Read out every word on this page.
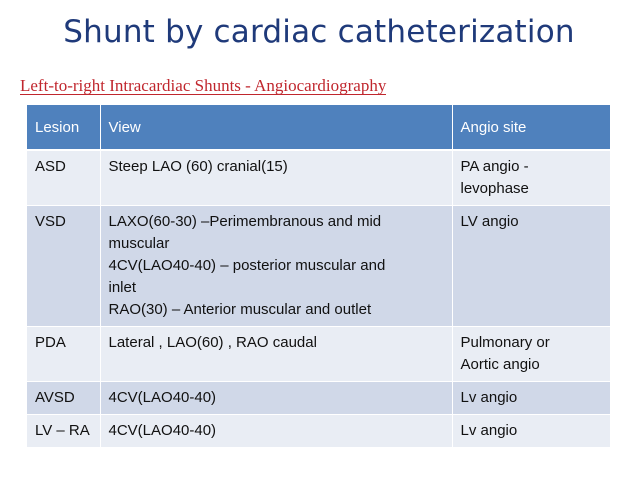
Shunt by cardiac catheterization
Left-to-right Intracardiac Shunts - Angiocardiography
Lesion	View	Angio site
ASD	Steep LAO (60) cranial(15)	PA angio -
levophase

VSD	LAXO(60-30) –Perimembranous and mid
muscular
4CV(LAO40-40) – posterior muscular and
inlet
RAO(30) – Anterior muscular and outlet	LV angio

PDA	Lateral , LAO(60) , RAO caudal	Pulmonary or
Aortic angio

AVSD	4CV(LAO40-40)	Lv angio

LV – RA	4CV(LAO40-40)	Lv angio
